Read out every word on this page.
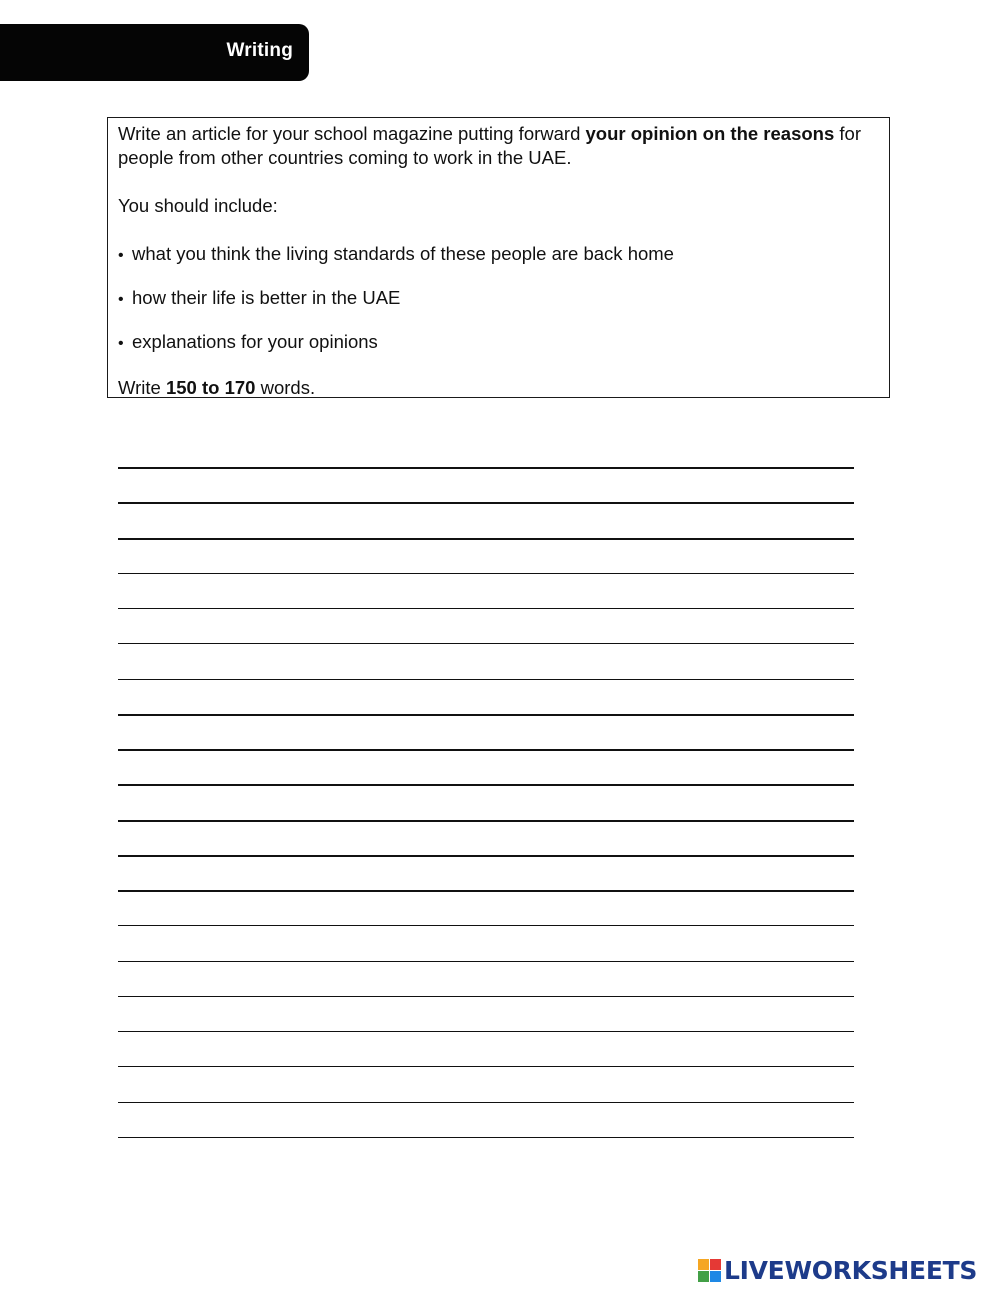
Writing

Write an article for your school magazine putting forward your opinion on the reasons for people from other countries coming to work in the UAE.

You should include:

• what you think the living standards of these people are back home
• how their life is better in the UAE
• explanations for your opinions

Write 150 to 170 words.

LIVEWORKSHEETS
